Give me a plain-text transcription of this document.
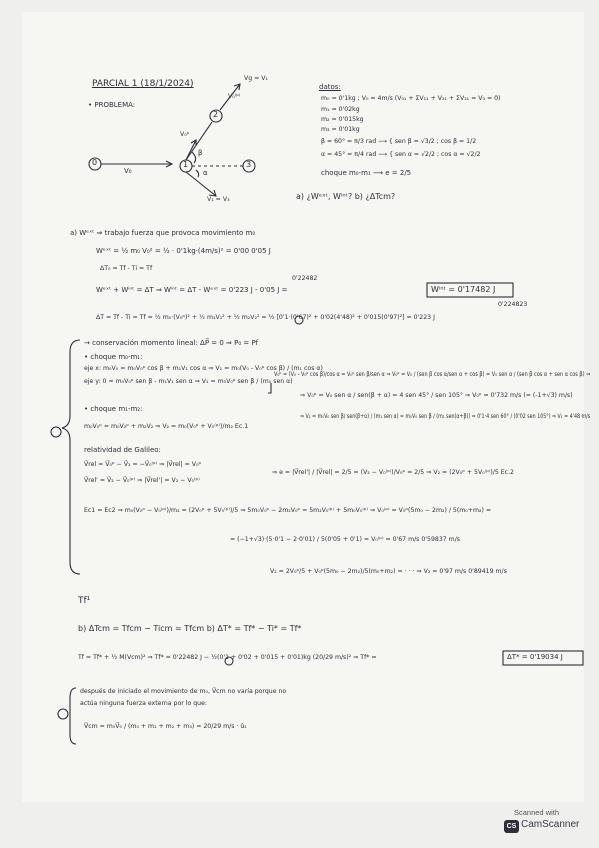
PARCIAL 1 (18/1/2024)
• PROBLEMA:
0	1
2
3
V₀
V₀ᵖ
Vg = V₁
V₀⁽ᵖ⁾
β
α
V₁ = V₃
datos:
m₀ = 0'1kg ; V₀ = 4m/s (V₀₁ + ΣV₁₁ + V₂₁ + ΣV₂₁ = V₃ = 0)
m₁ = 0'02kg
m₂ = 0'015kg
m₃ = 0'01kg
β = 60° = π/3 rad ⟶ { sen β = √3/2 ; cos β = 1/2
α = 45° = π/4 rad ⟶ { sen α = √2/2 ; cos α = √2/2
choque m₀-m₁ ⟶ e = 2/5
a) ¿Wᵉˣᵗ, Wⁱⁿᵗ? b) ¿ΔTcm?
a) Wᵉˣᵗ ⇒ trabajo fuerza que provoca movimiento m₀
Wᵉˣᵗ = ½ m₀ V₀² = ½ · 0'1kg·(4m/s)² = 0'00 0'05 J
ΔT₀ = Tf - Ti = Tf
0'22482
Wᵉˣᵗ + Wⁱⁿᵗ = ΔT ⇒ Wⁱⁿᵗ = ΔT - Wᵉˣᵗ = 0'223 J - 0'05 J =	Wⁱⁿᵗ = 0'17482 J
0'224823
ΔT = Tf - Ti = Tf = ½ m₀·(V₀ᵖ)² + ½ m₁V₁² + ½ m₂V₂² = ½ [0'1·(0'67)² + 0'02(4'48)² + 0'015(0'97)²] = 0'223 J
→ conservación momento lineal: ΔP⃗ = 0 ⇒ P₀ = Pf
• choque m₀-m₁:
eje x: m₀V₀ = m₀V₀ᵖ cos β + m₁V₁ cos α ⇒ V₁ = m₀(V₀ - V₀ᵖ cos β) / (m₁ cos α)
eje y: 0 = m₀V₀ᵖ sen β - m₁V₁ sen α ⇒ V₁ = m₀V₀ᵖ sen β / (m₁ sen α)
V₀ᵖ = (V₀ - V₀ᵖ cos β)/cos α = V₀ᵖ sen β/sen α ⇒ V₀ᵖ = V₀ / (sen β cos α/sen α + cos β) = V₀ sen α / (sen β cos α + sen α cos β) ⇒
⇒ V₀ᵖ = V₀ sen α / sen(β + α) = 4 sen 45° / sen 105° ⇒ V₀ᵖ = 0'732 m/s (= (-1+√3) m/s)
⇒ V₁ = m₀V₀ sen β/ sen(β+α) / (m₁ sen α) = m₀V₀ sen β / (m₁ sen(α+β)) = 0'1·4 sen 60° / (0'02 sen 105°) ⇒ V₁ = 4'48 m/s
• choque m₁-m₂:
m₀V₀ᵖ = m₀V₂ᵖ + m₂V₂ ⇒ V₂ = m₀(V₀ᵖ + V₀⁽ᵖ⁾)/m₂ Ec.1
relatividad de Galileo:
V⃗rel = V⃗₀ᵖ − V⃗₂ = −V⃗₀⁽ᵖ⁾ ⇒ |V⃗rel| = V₀ᵖ
V⃗rel' = V⃗₂ − V⃗₀⁽ᵖ⁾ ⇒ |V⃗rel'| = V₂ − V₀⁽ᵖ⁾
⇒ e = |V⃗rel'| / |V⃗rel| = 2/5 = (V₂ − V₀⁽ᵖ⁾)/V₀ᵖ = 2/5 ⇒ V₂ = (2V₀ᵖ + 5V₀⁽ᵖ⁾)/5 Ec.2
Ec1 = Ec2 ⇒ m₀(V₀ᵖ − V₀⁽ᵖ⁾)/m₂ = (2V₀ᵖ + 5V₀⁽ᵖ⁾)/5 ⇒ 5m₀V₀ᵖ − 2m₂V₀ᵖ = 5m₂V₀⁽ᵖ⁾ + 5m₀V₀⁽ᵖ⁾ ⇒ V₀⁽ᵖ⁾ = V₀ᵖ(5m₀ − 2m₂) / 5(m₀+m₂) =
= (−1+√3)·(5·0'1 − 2·0'01) / 5(0'05 + 0'1) = V₀⁽ᵖ⁾ = 0'67 m/s 0'59837 m/s
V₂ = 2V₀ᵖ/5 + V₀ᵖ(5m₀ − 2m₂)/5(m₀+m₂) = · · · ⇒ V₂ = 0'97 m/s 0'89419 m/s
Tf¹
b) ΔTcm = Tfcm − Ticm = Tfcm b) ΔT* = Tf* − Ti* = Tf*
Tf = Tf* + ½ M(Vcm)² ⇒ Tf* = 0'22482 J − ½(0'1 + 0'02 + 0'015 + 0'01)kg (20/29 m/s)² ⇒ Tf* =	ΔT* = 0'19034 J
después de iniciado el movimiento de m₀, V⃗cm no varía porque no
actúa ninguna fuerza externa por lo que:
V⃗cm = m₀V⃗₀ / (m₀ + m₁ + m₂ + m₃) = 20/29 m/s · û₁
Scanned with
CS CamScanner
